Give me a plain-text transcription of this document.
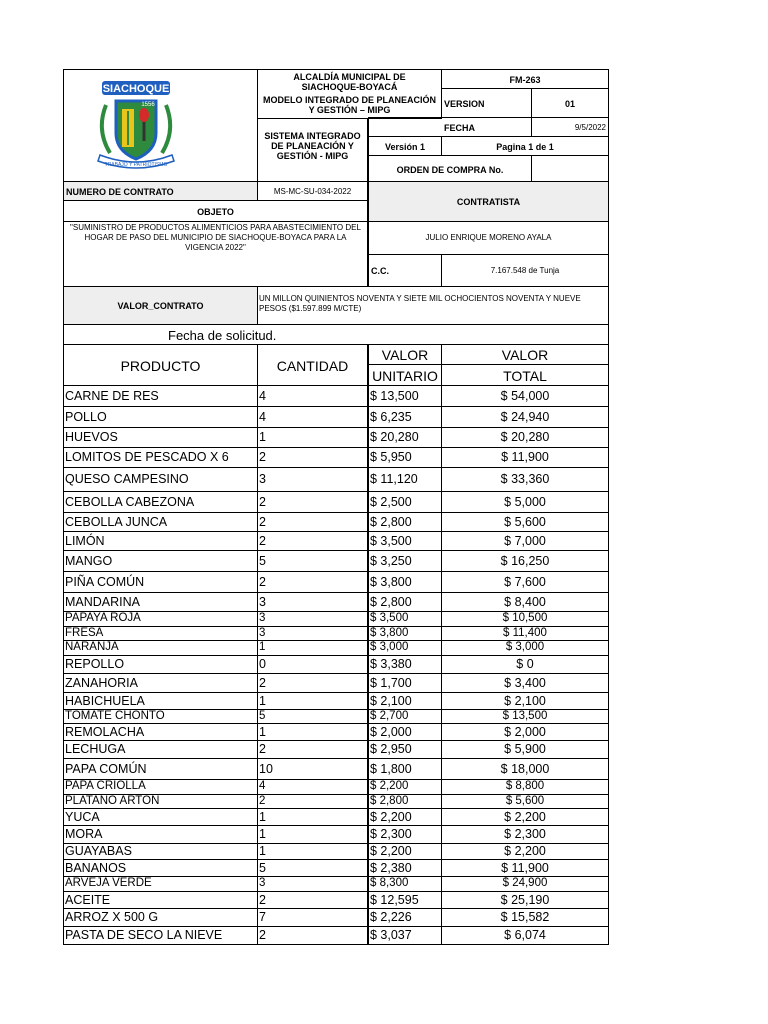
SIACHOQUE
1556
TRABAJO Y PATRIOTISMO
ALCALDÍA MUNICIPAL DE SIACHOQUE-BOYACÁ
MODELO INTEGRADO DE PLANEACIÓN Y GESTIÓN – MIPG
SISTEMA INTEGRADO DE PLANEACIÓN Y GESTIÓN - MIPG
FM-263
VERSION	01
FECHA	9/5/2022
Versión 1	Pagina 1 de 1
ORDEN DE COMPRA No.
NUMERO DE CONTRATO	MS-MC-SU-034-2022
OBJETO
CONTRATISTA
"SUMINISTRO DE PRODUCTOS ALIMENTICIOS PARA ABASTECIMIENTO DEL HOGAR DE PASO DEL MUNICIPIO DE SIACHOQUE-BOYACA PARA LA VIGENCIA 2022"
JULIO ENRIQUE MORENO AYALA
C.C.	7.167.548 de Tunja
VALOR_CONTRATO
UN MILLON QUINIENTOS NOVENTA Y SIETE MIL OCHOCIENTOS NOVENTA Y NUEVE PESOS ($1.597.899 M/CTE)
Fecha de solicitud.
PRODUCTO	CANTIDAD
VALOR
UNITARIO
VALOR
TOTAL
CARNE DE RES	4	$ 13,500	$ 54,000
POLLO	4	$ 6,235	$ 24,940
HUEVOS	1	$ 20,280	$ 20,280
LOMITOS DE PESCADO X 6 2	$ 5,950	$ 11,900
QUESO CAMPESINO	3	$ 11,120	$ 33,360
CEBOLLA CABEZONA	2	$ 2,500	$ 5,000
CEBOLLA JUNCA	2	$ 2,800	$ 5,600
LIMÓN	2	$ 3,500	$ 7,000
MANGO	5	$ 3,250	$ 16,250
PIÑA COMÚN	2	$ 3,800	$ 7,600
MANDARINA	3	$ 2,800	$ 8,400
PAPAYA ROJA	3	$ 3,500	$ 10,500
FRESA	3	$ 3,800	$ 11,400
NARANJA	1	$ 3,000	$ 3,000
REPOLLO	0	$ 3,380	$ 0
ZANAHORIA	2	$ 1,700	$ 3,400
HABICHUELA	1	$ 2,100	$ 2,100
TOMATE CHONTO	5	$ 2,700	$ 13,500
REMOLACHA	1	$ 2,000	$ 2,000
LECHUGA	2	$ 2,950	$ 5,900
PAPA COMÚN	10	$ 1,800	$ 18,000
PAPA CRIOLLA	4	$ 2,200	$ 8,800
PLATANO ARTON	2	$ 2,800	$ 5,600
YUCA	1	$ 2,200	$ 2,200
MORA	1	$ 2,300	$ 2,300
GUAYABAS	1	$ 2,200	$ 2,200
BANANOS	5	$ 2,380	$ 11,900
ARVEJA VERDE	3	$ 8,300	$ 24,900
ACEITE	2	$ 12,595	$ 25,190
ARROZ X 500 G	7	$ 2,226	$ 15,582
PASTA DE SECO LA NIEVE	2	$ 3,037	$ 6,074
